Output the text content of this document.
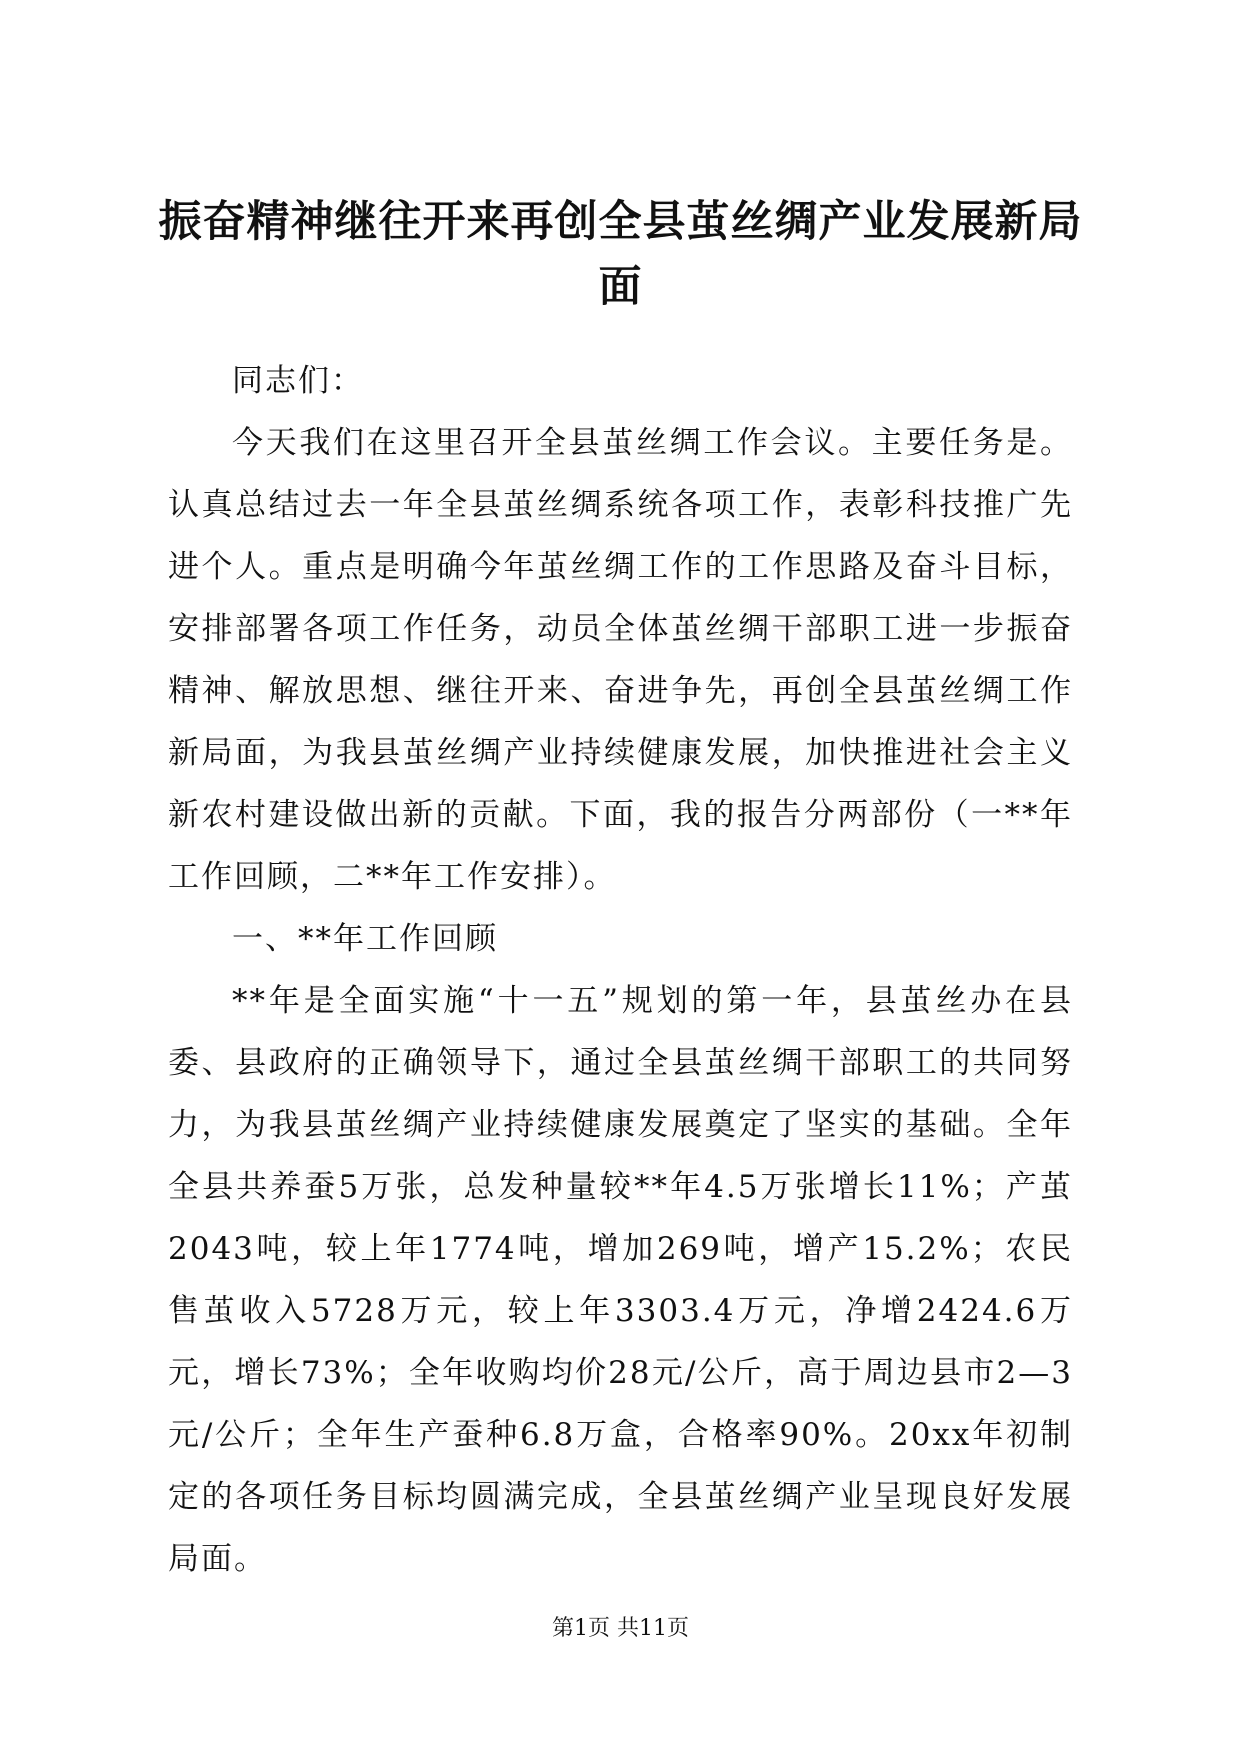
振奋精神继往开来再创全县茧丝绸产业发展新局面

同志们：

今天我们在这里召开全县茧丝绸工作会议。主要任务是。认真总结过去一年全县茧丝绸系统各项工作，表彰科技推广先进个人。重点是明确今年茧丝绸工作的工作思路及奋斗目标，安排部署各项工作任务，动员全体茧丝绸干部职工进一步振奋精神、解放思想、继往开来、奋进争先，再创全县茧丝绸工作新局面，为我县茧丝绸产业持续健康发展，加快推进社会主义新农村建设做出新的贡献。下面，我的报告分两部份（一**年工作回顾，二**年工作安排）。

一、**年工作回顾

**年是全面实施“十一五”规划的第一年，县茧丝办在县委、县政府的正确领导下，通过全县茧丝绸干部职工的共同努力，为我县茧丝绸产业持续健康发展奠定了坚实的基础。全年全县共养蚕5万张，总发种量较**年4.5万张增长11%；产茧2043吨，较上年1774吨，增加269吨，增产15.2%；农民售茧收入5728万元，较上年3303.4万元，净增2424.6万元，增长73%；全年收购均价28元/公斤，高于周边县市2—3元/公斤；全年生产蚕种6.8万盒，合格率90%。20xx年初制定的各项任务目标均圆满完成，全县茧丝绸产业呈现良好发展局面。

第1页 共11页
